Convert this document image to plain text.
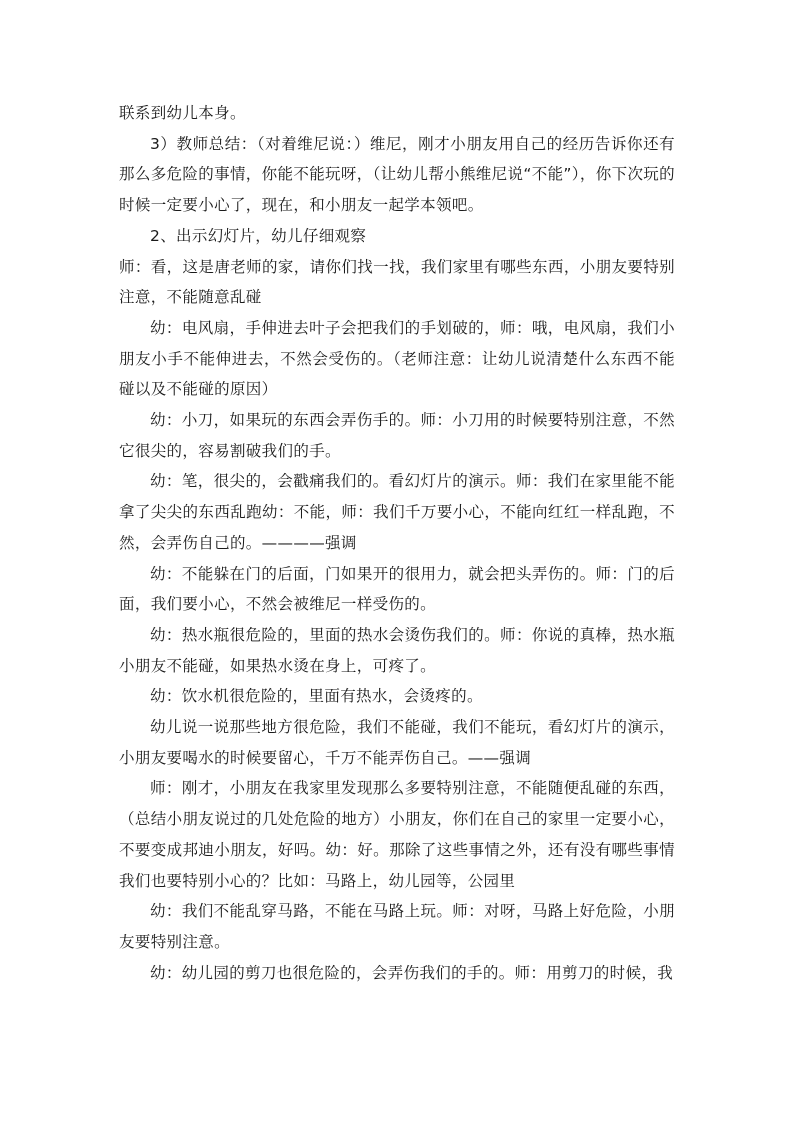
联系到幼儿本身。

3）教师总结：（对着维尼说：）维尼，刚才小朋友用自己的经历告诉你还有那么多危险的事情，你能不能玩呀，（让幼儿帮小熊维尼说“不能”），你下次玩的时候一定要小心了，现在，和小朋友一起学本领吧。

2、出示幻灯片，幼儿仔细观察

师：看，这是唐老师的家，请你们找一找，我们家里有哪些东西，小朋友要特别注意，不能随意乱碰

幼：电风扇，手伸进去叶子会把我们的手划破的，师：哦，电风扇，我们小朋友小手不能伸进去，不然会受伤的。（老师注意：让幼儿说清楚什么东西不能碰以及不能碰的原因）

幼：小刀，如果玩的东西会弄伤手的。师：小刀用的时候要特别注意，不然它很尖的，容易割破我们的手。

幼：笔，很尖的，会戳痛我们的。看幻灯片的演示。师：我们在家里能不能拿了尖尖的东西乱跑幼：不能，师：我们千万要小心，不能向红红一样乱跑，不然，会弄伤自己的。————强调

幼：不能躲在门的后面，门如果开的很用力，就会把头弄伤的。师：门的后面，我们要小心，不然会被维尼一样受伤的。

幼：热水瓶很危险的，里面的热水会烫伤我们的。师：你说的真棒，热水瓶小朋友不能碰，如果热水烫在身上，可疼了。

幼：饮水机很危险的，里面有热水，会烫疼的。

幼儿说一说那些地方很危险，我们不能碰，我们不能玩，看幻灯片的演示，小朋友要喝水的时候要留心，千万不能弄伤自己。——强调

师：刚才，小朋友在我家里发现那么多要特别注意，不能随便乱碰的东西，（总结小朋友说过的几处危险的地方）小朋友，你们在自己的家里一定要小心，不要变成邦迪小朋友，好吗。幼：好。那除了这些事情之外，还有没有哪些事情我们也要特别小心的？比如：马路上，幼儿园等，公园里

幼：我们不能乱穿马路，不能在马路上玩。师：对呀，马路上好危险，小朋友要特别注意。

幼：幼儿园的剪刀也很危险的，会弄伤我们的手的。师：用剪刀的时候，我
